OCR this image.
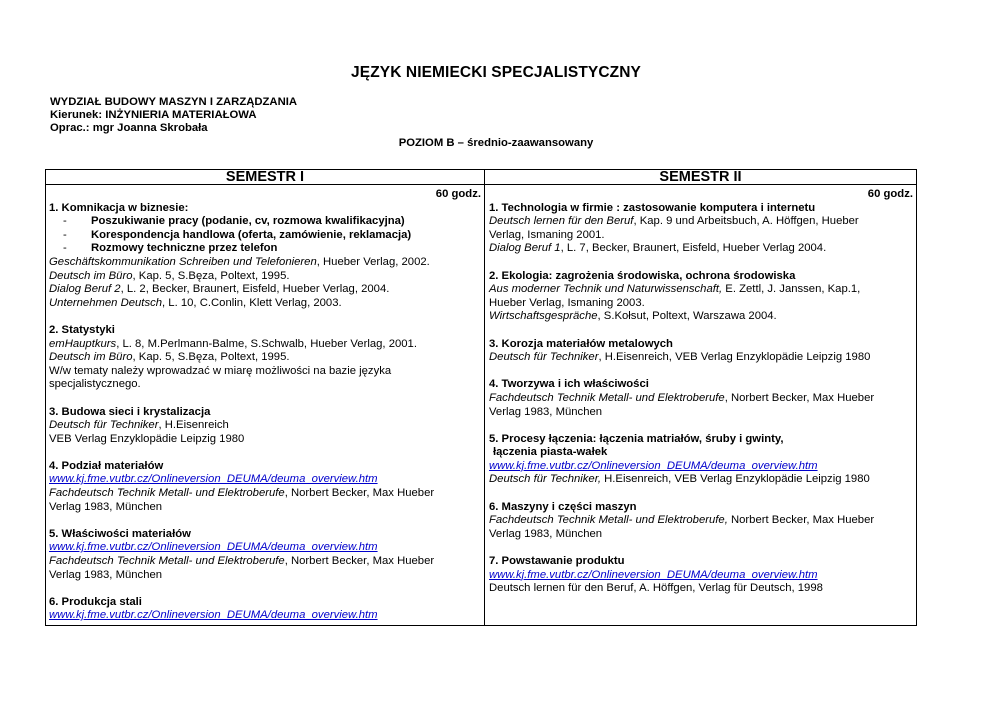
JĘZYK NIEMIECKI SPECJALISTYCZNY
WYDZIAŁ BUDOWY MASZYN I ZARZĄDZANIA
Kierunek: INŻYNIERIA MATERIAŁOWA
Oprac.: mgr Joanna Skrobała
POZIOM B – średnio-zaawansowany
SEMESTR I
60 godz.
1. Komnikacja w biznesie:
- Poszukiwanie pracy (podanie, cv, rozmowa kwalifikacyjna)
- Korespondencja handlowa (oferta, zamówienie, reklamacja)
- Rozmowy techniczne przez telefon
Geschäftskommunikation Schreiben und Telefonieren, Hueber Verlag, 2002.
Deutsch im Büro, Kap. 5, S.Bęza, Poltext, 1995.
Dialog Beruf 2, L. 2, Becker, Braunert, Eisfeld, Hueber Verlag, 2004.
Unternehmen Deutsch, L. 10, C.Conlin, Klett Verlag, 2003.
2. Statystyki
emHauptkurs, L. 8, M.Perlmann-Balme, S.Schwalb, Hueber Verlag, 2001.
Deutsch im Büro, Kap. 5, S.Bęza, Poltext, 1995.
W/w tematy należy wprowadzać w miarę możliwości na bazie języka
specjalistycznego.
3. Budowa sieci i krystalizacja
Deutsch für Techniker, H.Eisenreich
VEB Verlag Enzyklopädie Leipzig 1980
4. Podział materiałów
www.kj.fme.vutbr.cz/Onlineversion_DEUMA/deuma_overview.htm
Fachdeutsch Technik Metall- und Elektroberufe, Norbert Becker, Max Hueber
Verlag 1983, München
5. Właściwości materiałów
www.kj.fme.vutbr.cz/Onlineversion_DEUMA/deuma_overview.htm
Fachdeutsch Technik Metall- und Elektroberufe, Norbert Becker, Max Hueber
Verlag 1983, München
6. Produkcja stali
www.kj.fme.vutbr.cz/Onlineversion_DEUMA/deuma_overview.htm
SEMESTR II
60 godz.
1. Technologia w firmie : zastosowanie komputera i internetu
Deutsch lernen für den Beruf, Kap. 9 und Arbeitsbuch, A. Höffgen, Hueber
Verlag, Ismaning 2001.
Dialog Beruf 1, L. 7, Becker, Braunert, Eisfeld, Hueber Verlag 2004.
2. Ekologia: zagrożenia środowiska, ochrona środowiska
Aus moderner Technik und Naturwissenschaft, E. Zettl, J. Janssen, Kap.1,
Hueber Verlag, Ismaning 2003.
Wirtschaftsgespräche, S.Kołsut, Poltext, Warszawa 2004.
3. Korozja materiałów metalowych
Deutsch für Techniker, H.Eisenreich, VEB Verlag Enzyklopädie Leipzig 1980
4. Tworzywa i ich właściwości
Fachdeutsch Technik Metall- und Elektroberufe, Norbert Becker, Max Hueber
Verlag 1983, München
5. Procesy łączenia: łączenia matriałów, śruby i gwinty,
łączenia piasta-wałek
www.kj.fme.vutbr.cz/Onlineversion_DEUMA/deuma_overview.htm
Deutsch für Techniker, H.Eisenreich, VEB Verlag Enzyklopädie Leipzig 1980
6. Maszyny i części maszyn
Fachdeutsch Technik Metall- und Elektroberufe, Norbert Becker, Max Hueber
Verlag 1983, München
7. Powstawanie produktu
www.kj.fme.vutbr.cz/Onlineversion_DEUMA/deuma_overview.htm
Deutsch lernen für den Beruf, A. Höffgen, Verlag für Deutsch, 1998
